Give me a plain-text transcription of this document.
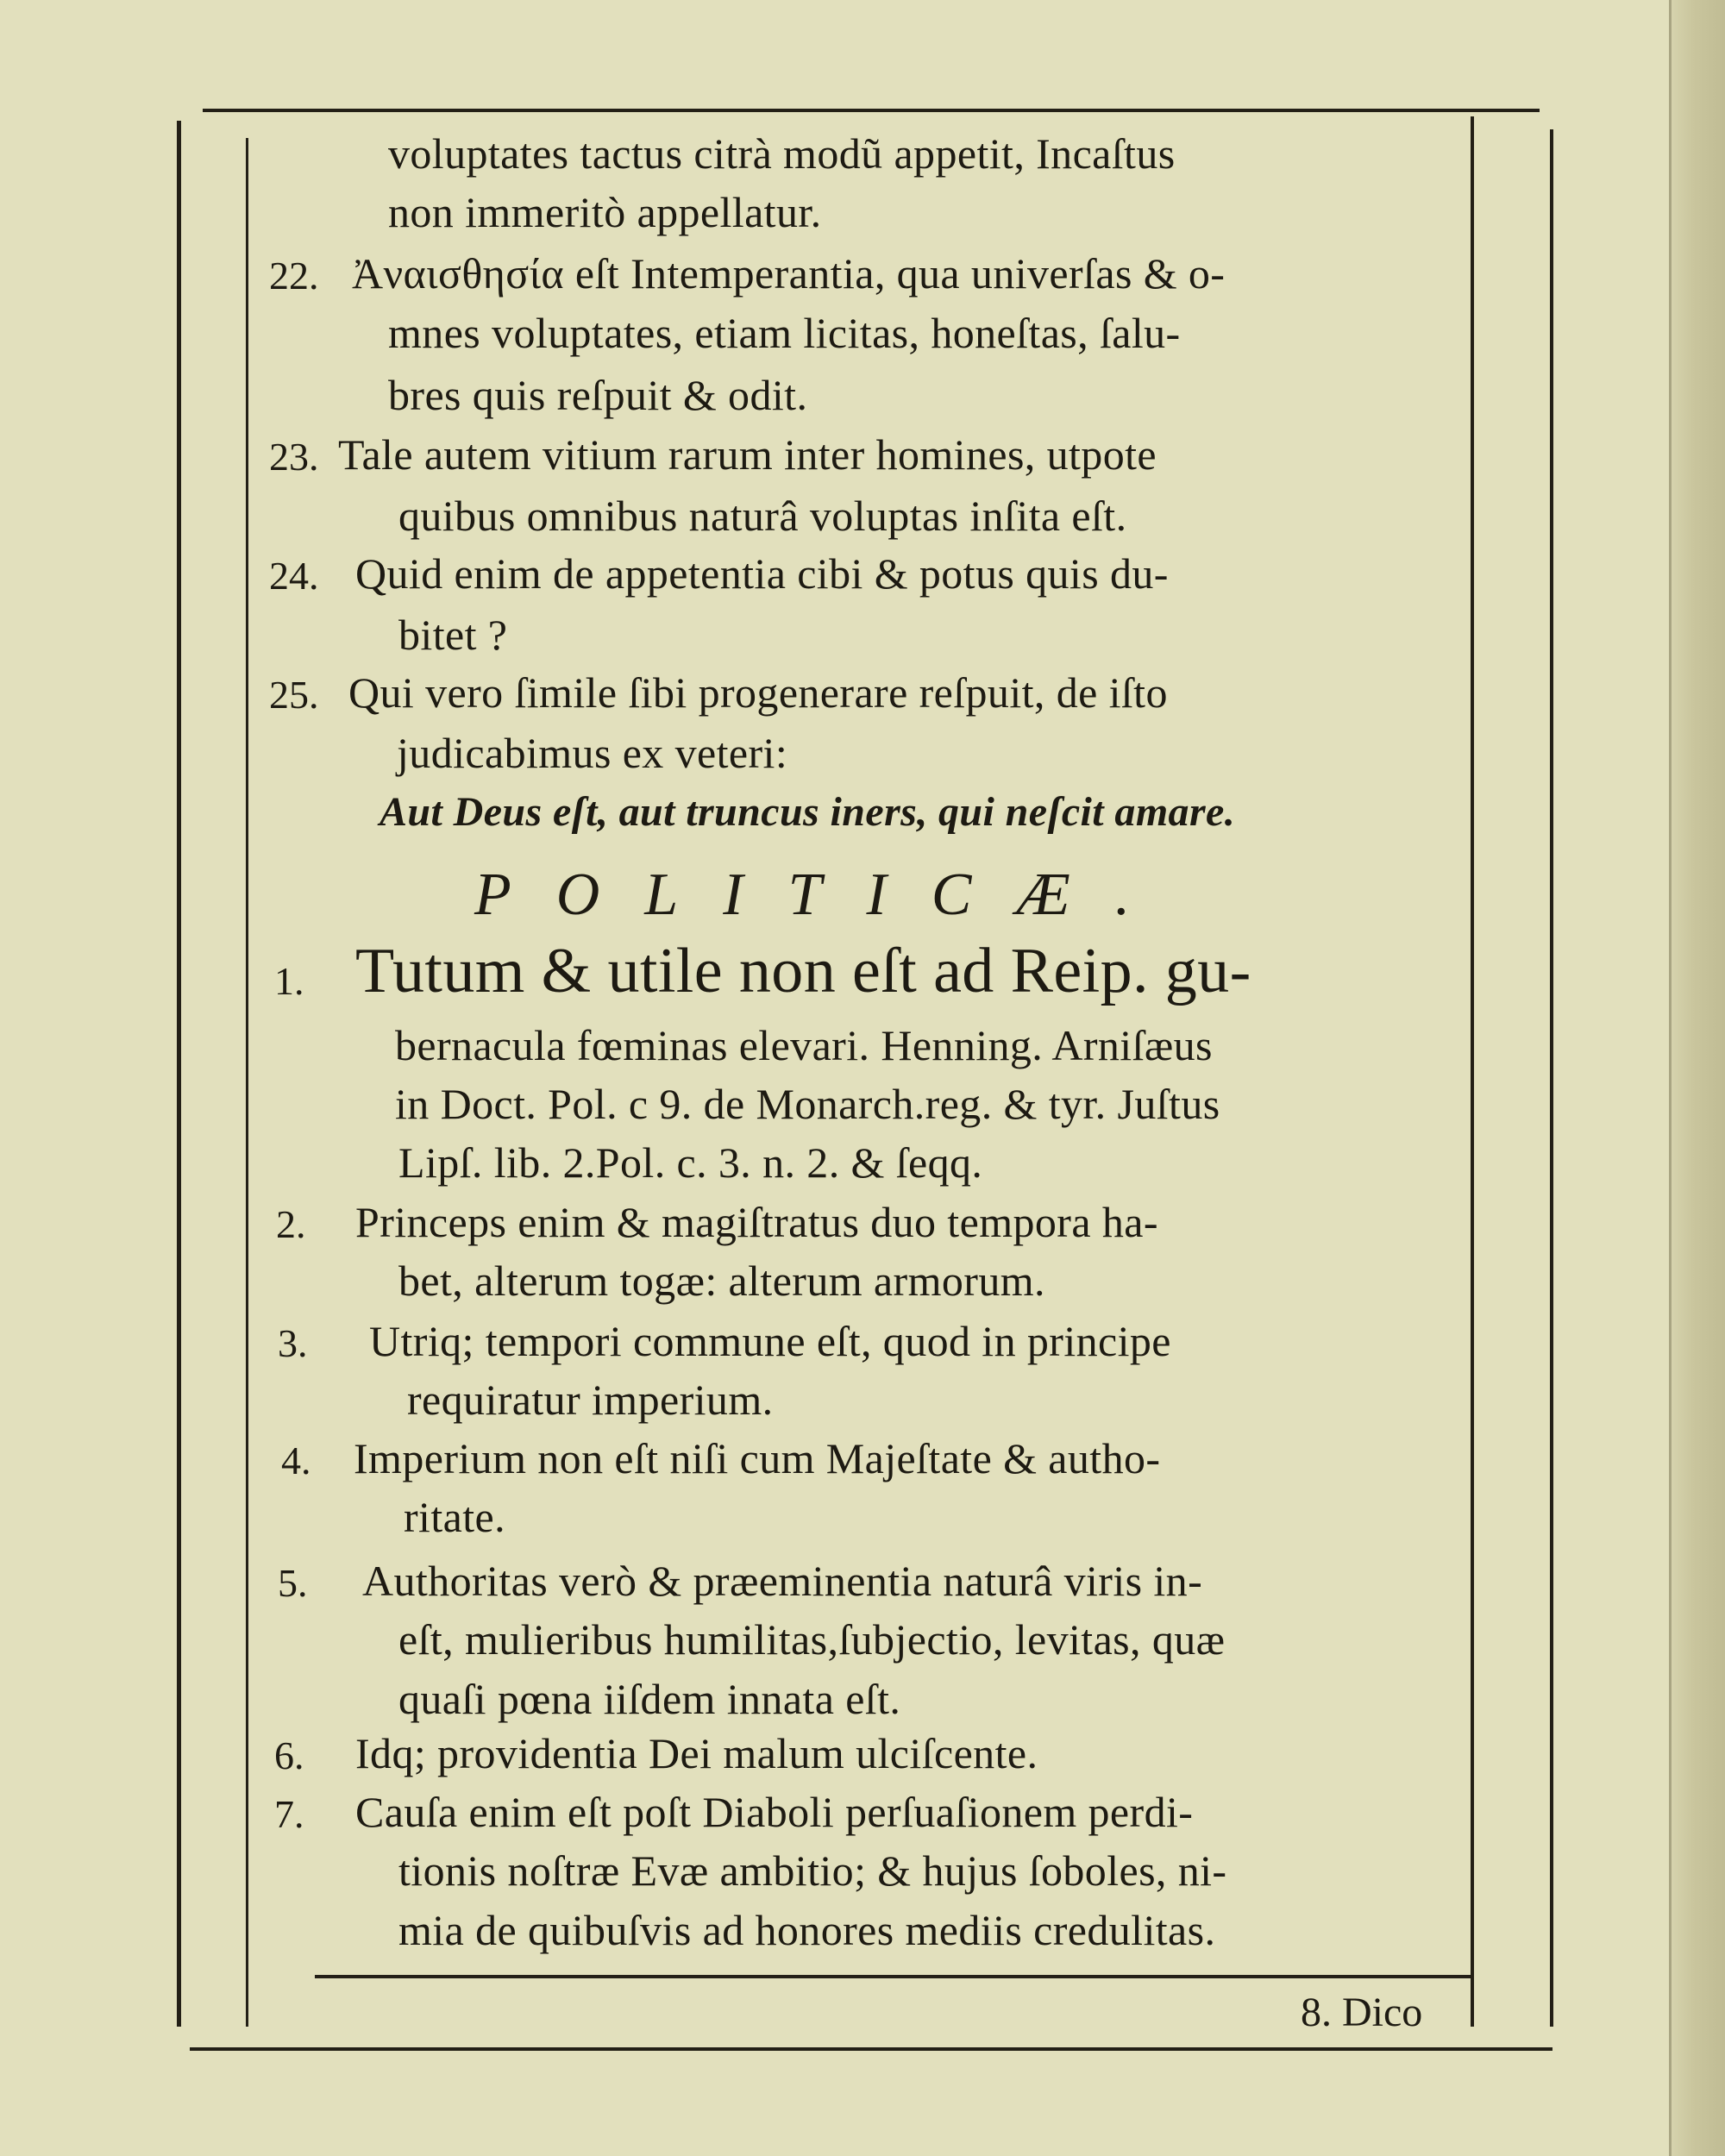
voluptates tactus citrà modũ appetit, Incaſtus
non immeritò appellatur.
22. Ἀναισθησία eſt Intemperantia, qua univerſas & o-
mnes voluptates, etiam licitas, honeſtas, ſalu-
bres quis reſpuit & odit.
23. Tale autem vitium rarum inter homines, utpote
quibus omnibus naturâ voluptas inſita eſt.
24. Quid enim de appetentia cibi & potus quis du-
bitet ?
25. Qui vero ſimile ſibi progenerare reſpuit, de iſto
judicabimus ex veteri:
Aut Deus eſt, aut truncus iners, qui neſcit amare.
POLITICÆ.
1. Tutum & utile non eſt ad Reip. gu-
bernacula fœminas elevari. Henning. Arniſæus
in Doct. Pol. c 9. de Monarch.reg. & tyr. Juſtus
Lipſ. lib. 2.Pol. c. 3. n. 2. & ſeqq.
2. Princeps enim & magiſtratus duo tempora ha-
bet, alterum togæ: alterum armorum.
3. Utriq; tempori commune eſt, quod in principe
requiratur imperium.
4. Imperium non eſt niſi cum Majeſtate & autho-
ritate.
5. Authoritas verò & præeminentia naturâ viris in-
eſt, mulieribus humilitas,ſubjectio, levitas, quæ
quaſi pœna iiſdem innata eſt.
6. Idq; providentia Dei malum ulciſcente.
7. Cauſa enim eſt poſt Diaboli perſuaſionem perdi-
tionis noſtræ Evæ ambitio; & hujus ſoboles, ni-
mia de quibuſvis ad honores mediis credulitas.
8. Dico
